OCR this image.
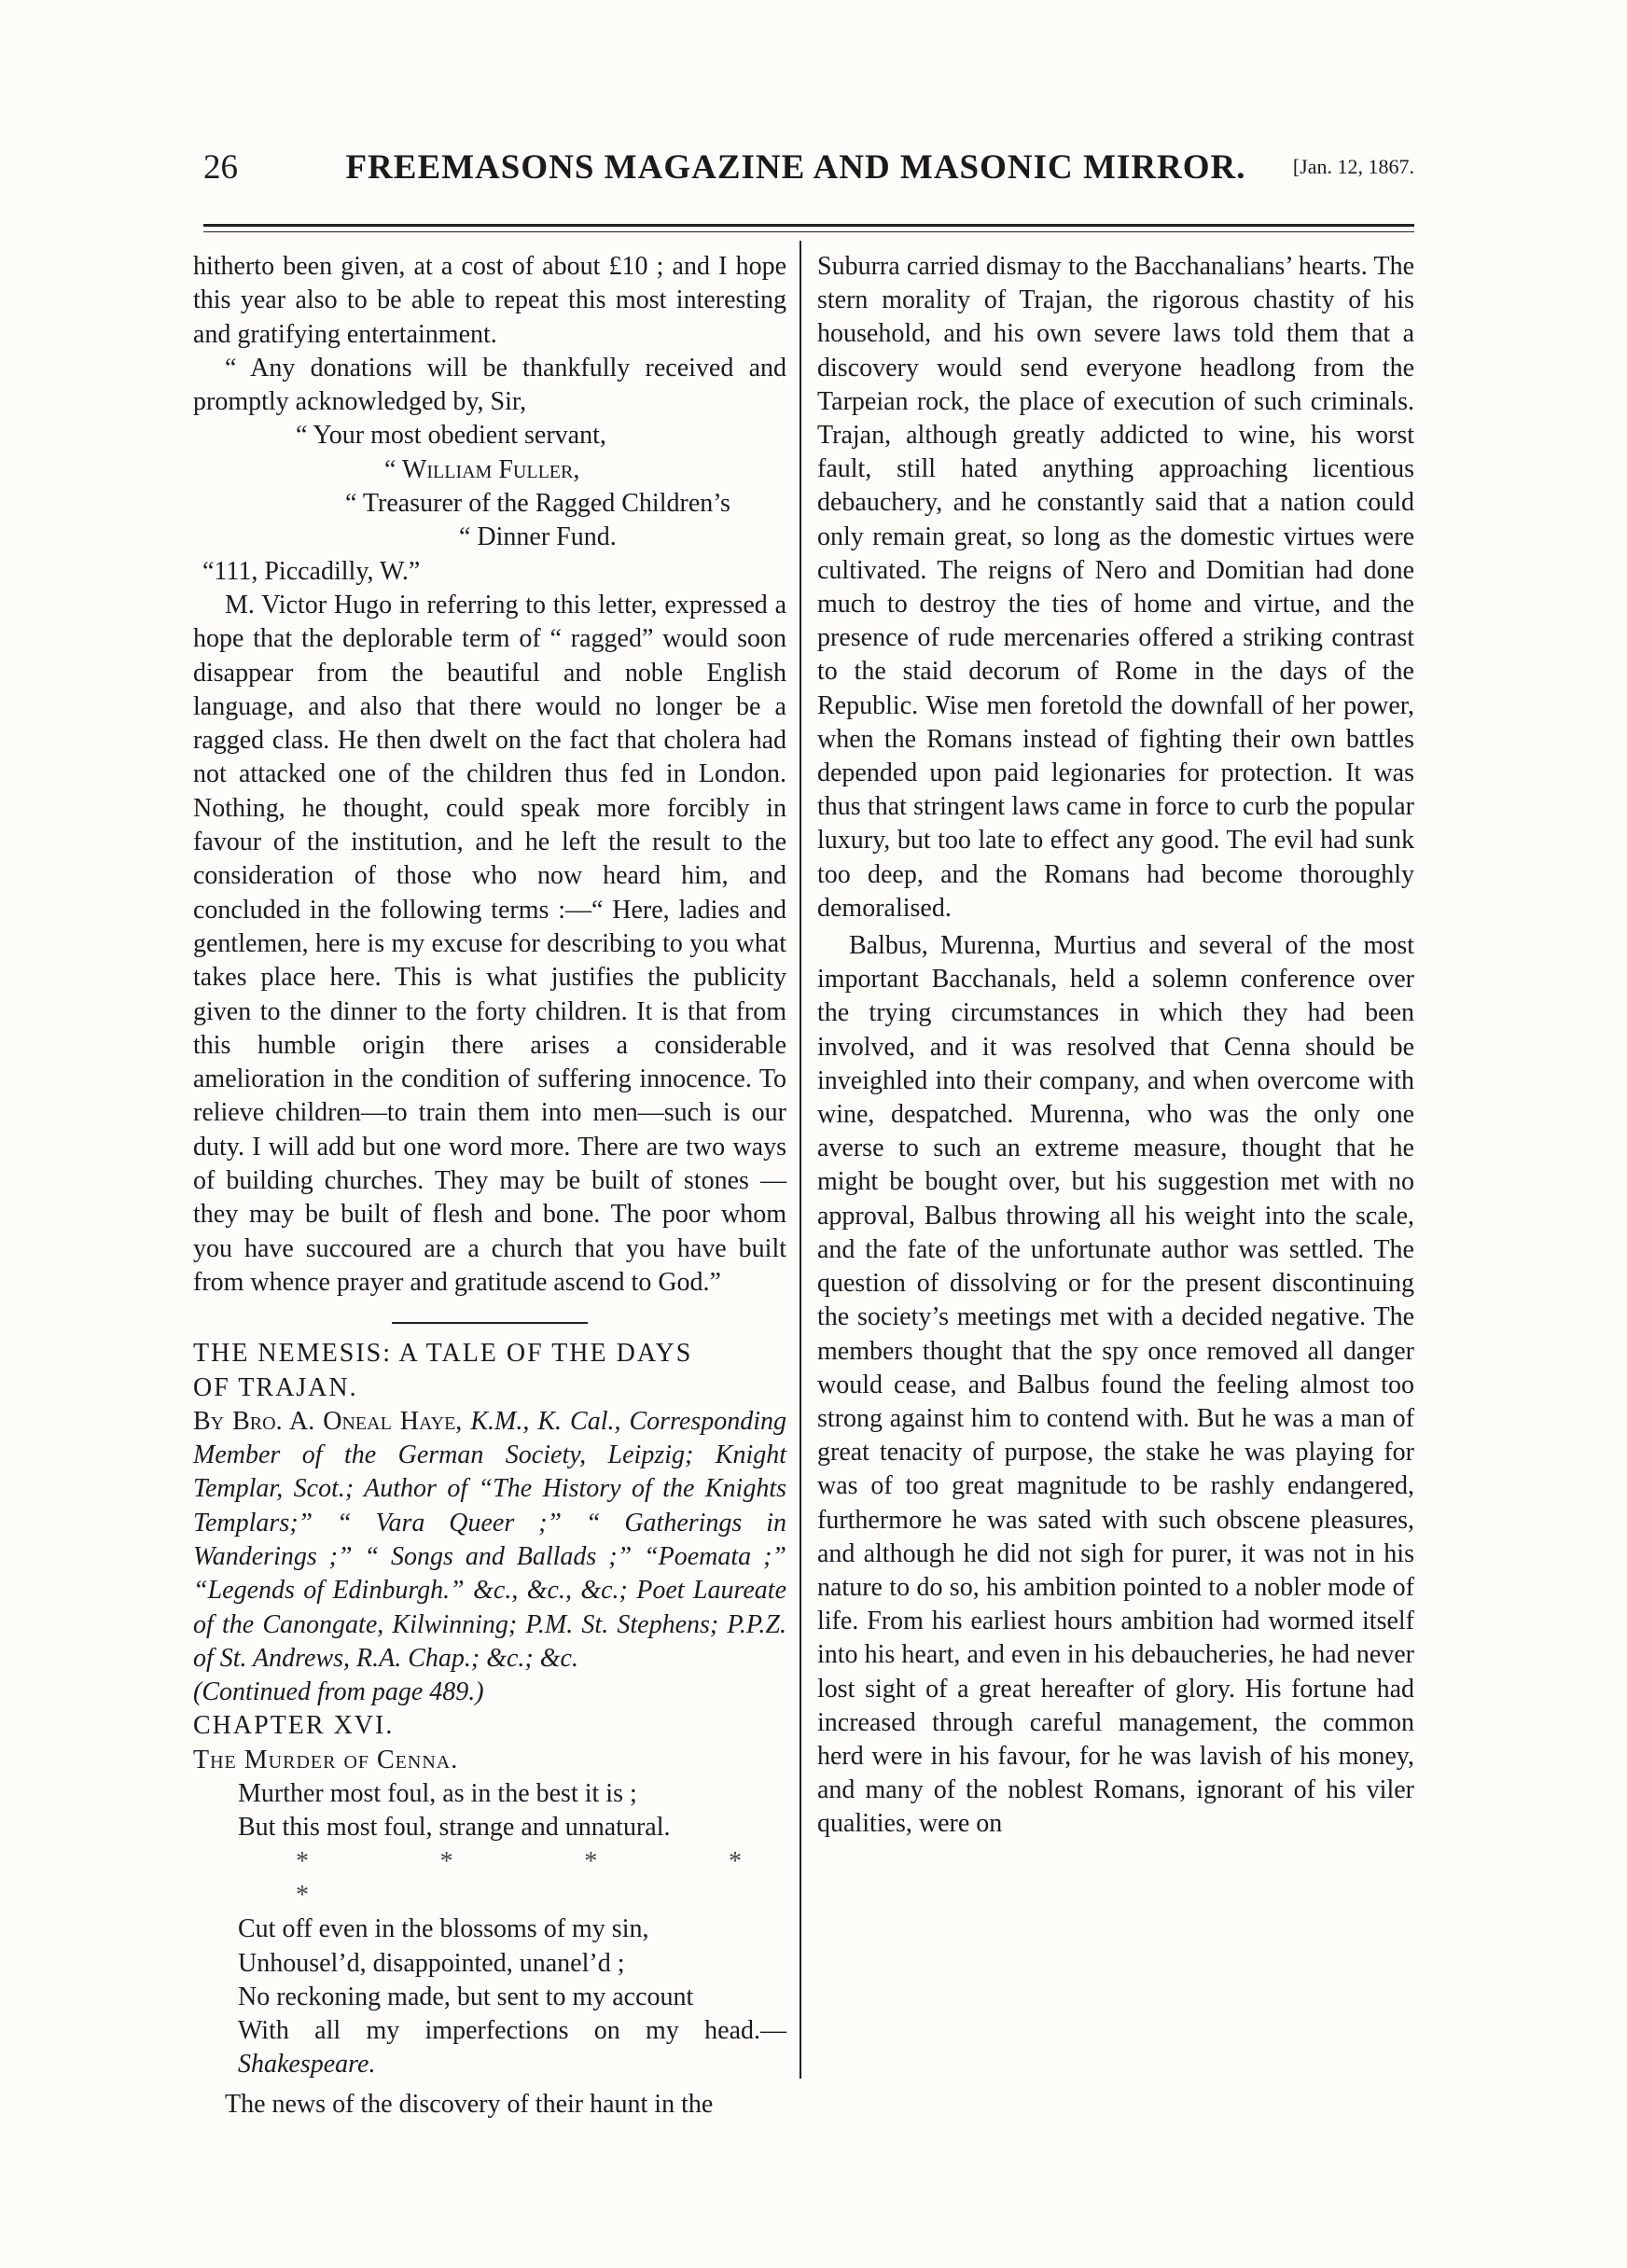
26	FREEMASONS MAGAZINE AND MASONIC MIRROR.	[Jan. 12, 1867.

hitherto been given, at a cost of about £10 ; and I hope this year also to be able to repeat this most interesting and gratifying entertainment.

“ Any donations will be thankfully received and promptly acknowledged by, Sir,

“ Your most obedient servant,
“ William Fuller,
“ Treasurer of the Ragged Children’s
“ Dinner Fund.
“111, Piccadilly, W.”

M. Victor Hugo in referring to this letter, expressed a hope that the deplorable term of “ ragged” would soon disappear from the beautiful and noble English language, and also that there would no longer be a ragged class. He then dwelt on the fact that cholera had not attacked one of the children thus fed in London. Nothing, he thought, could speak more forcibly in favour of the institution, and he left the result to the consideration of those who now heard him, and concluded in the following terms :—“ Here, ladies and gentlemen, here is my excuse for describing to you what takes place here. This is what justifies the publicity given to the dinner to the forty children. It is that from this humble origin there arises a considerable amelioration in the condition of suffering innocence. To relieve children—to train them into men—such is our duty. I will add but one word more. There are two ways of building churches. They may be built of stones —they may be built of flesh and bone. The poor whom you have succoured are a church that you have built from whence prayer and gratitude ascend to God.”

THE NEMESIS: A TALE OF THE DAYS

OF TRAJAN.

By Bro. A. Oneal Haye, K.M., K. Cal., Corresponding Member of the German Society, Leipzig; Knight Templar, Scot.; Author of “The History of the Knights Templars;” “ Vara Queer ;” “ Gatherings in Wanderings ;” “ Songs and Ballads ;” “Poemata ;” “Legends of Edinburgh.” &c., &c., &c.; Poet Laureate of the Canongate, Kilwinning; P.M. St. Stephens; P.P.Z. of St. Andrews, R.A. Chap.; &c.; &c.

(Continued from page 489.)

CHAPTER XVI.

The Murder of Cenna.

Murther most foul, as in the best it is ;

But this most foul, strange and unnatural.

* * * * *

Cut off even in the blossoms of my sin,

Unhousel’d, disappointed, unanel’d ;

No reckoning made, but sent to my account

With all my imperfections on my head.—Shakespeare.

The news of the discovery of their haunt in the

Suburra carried dismay to the Bacchanalians’ hearts. The stern morality of Trajan, the rigorous chastity of his household, and his own severe laws told them that a discovery would send everyone headlong from the Tarpeian rock, the place of execution of such criminals. Trajan, although greatly addicted to wine, his worst fault, still hated anything approaching licentious debauchery, and he constantly said that a nation could only remain great, so long as the domestic virtues were cultivated. The reigns of Nero and Domitian had done much to destroy the ties of home and virtue, and the presence of rude mercenaries offered a striking contrast to the staid decorum of Rome in the days of the Republic. Wise men foretold the downfall of her power, when the Romans instead of fighting their own battles depended upon paid legionaries for protection. It was thus that stringent laws came in force to curb the popular luxury, but too late to effect any good. The evil had sunk too deep, and the Romans had become thoroughly demoralised.

Balbus, Murenna, Murtius and several of the most important Bacchanals, held a solemn conference over the trying circumstances in which they had been involved, and it was resolved that Cenna should be inveighled into their company, and when overcome with wine, despatched. Murenna, who was the only one averse to such an extreme measure, thought that he might be bought over, but his suggestion met with no approval, Balbus throwing all his weight into the scale, and the fate of the unfortunate author was settled. The question of dissolving or for the present discontinuing the society’s meetings met with a decided negative. The members thought that the spy once removed all danger would cease, and Balbus found the feeling almost too strong against him to contend with. But he was a man of great tenacity of purpose, the stake he was playing for was of too great magnitude to be rashly endangered, furthermore he was sated with such obscene pleasures, and although he did not sigh for purer, it was not in his nature to do so, his ambition pointed to a nobler mode of life. From his earliest hours ambition had wormed itself into his heart, and even in his debaucheries, he had never lost sight of a great hereafter of glory. His fortune had increased through careful management, the common herd were in his favour, for he was lavish of his money, and many of the noblest Romans, ignorant of his viler qualities, were on
